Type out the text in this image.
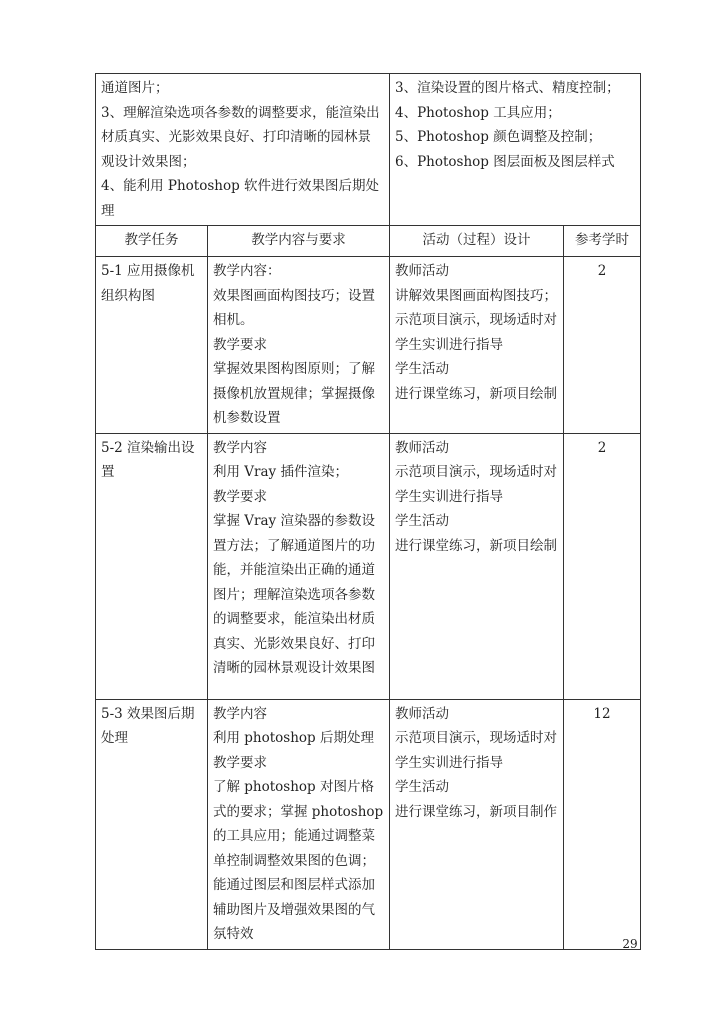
通道图片；
3、理解渲染选项各参数的调整要求，能渲染出材质真实、光影效果良好、打印清晰的园林景观设计效果图；
4、能利用 Photoshop 软件进行效果图后期处理		3、渲染设置的图片格式、精度控制；
4、Photoshop 工具应用；
5、Photoshop 颜色调整及控制；
6、Photoshop 图层面板及图层样式	
教学任务	教学内容与要求	活动（过程）设计	参考学时
5-1 应用摄像机组织构图	教学内容：
效果图画面构图技巧；设置相机。
教学要求
掌握效果图构图原则；了解摄像机放置规律；掌握摄像机参数设置	教师活动
讲解效果图画面构图技巧；示范项目演示，现场适时对学生实训进行指导
学生活动
进行课堂练习，新项目绘制	2
5-2 渲染输出设置	教学内容
利用 Vray 插件渲染；
教学要求
掌握 Vray 渲染器的参数设置方法；了解通道图片的功能，并能渲染出正确的通道图片；理解渲染选项各参数的调整要求，能渲染出材质真实、光影效果良好、打印清晰的园林景观设计效果图	教师活动
示范项目演示，现场适时对学生实训进行指导
学生活动
进行课堂练习，新项目绘制	2
5-3 效果图后期处理	教学内容
利用 photoshop 后期处理
教学要求
了解 photoshop 对图片格式的要求；掌握 photoshop 的工具应用；能通过调整菜单控制调整效果图的色调；能通过图层和图层样式添加辅助图片及增强效果图的气氛特效	教师活动
示范项目演示，现场适时对学生实训进行指导
学生活动
进行课堂练习，新项目制作	12
29
